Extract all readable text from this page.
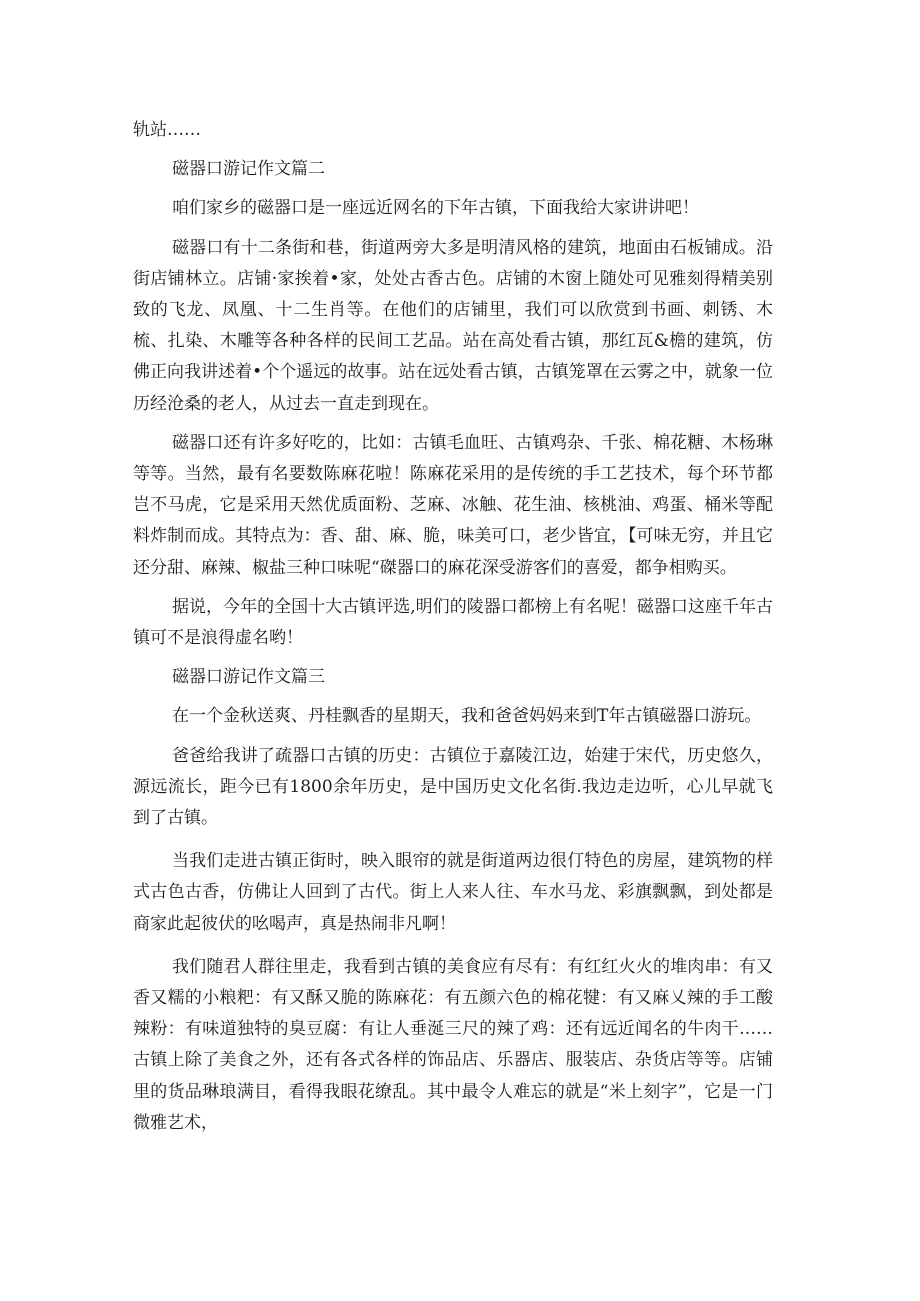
轨站……

磁器口游记作文篇二

咱们家乡的磁器口是一座远近网名的下年古镇，下面我给大家讲讲吧！

磁器口有十二条街和巷，街道两旁大多是明清风格的建筑，地面由石板铺成。沿街店铺林立。店铺·家挨着•家，处处古香古色。店铺的木窗上随处可见雅刻得精美别致的飞龙、凤凰、十二生肖等。在他们的店铺里，我们可以欣赏到书画、刺锈、木梳、扎染、木雕等各种各样的民间工艺品。站在高处看古镇，那红瓦&檐的建筑，仿佛正向我讲述着•个个遥远的故事。站在远处看古镇，古镇笼罩在云雾之中，就象一位历经沧桑的老人，从过去一直走到现在。

磁器口还有许多好吃的，比如：古镇毛血旺、古镇鸡杂、千张、棉花糖、木杨琳等等。当然，最有名要数陈麻花啦！陈麻花采用的是传统的手工艺技术，每个环节都岂不马虎，它是采用天然优质面粉、芝麻、冰触、花生油、核桃油、鸡蛋、桶米等配料炸制而成。其特点为：香、甜、麻、脆，味美可口，老少皆宜，【可味无穷，并且它还分甜、麻辣、椒盐三种口味呢“磔器口的麻花深受游客们的喜爱，都争相购买。

据说，今年的全国十大古镇评选,明们的陵器口都榜上有名呢！磁器口这座千年古镇可不是浪得虚名哟！

磁器口游记作文篇三

在一个金秋送爽、丹桂飘香的星期天，我和爸爸妈妈来到T年古镇磁器口游玩。

爸爸给我讲了疏器口古镇的历史：古镇位于嘉陵江边，始建于宋代，历史悠久，源远流长，距今已有1800余年历史，是中国历史文化名街.我边走边听，心儿早就飞到了古镇。

当我们走进古镇正街时，映入眼帘的就是街道两边很仃特色的房屋，建筑物的样式古色古香，仿佛让人回到了古代。街上人来人往、车水马龙、彩旗飘飘，到处都是商家此起彼伏的吆喝声，真是热闹非凡啊！

我们随君人群往里走，我看到古镇的美食应有尽有：有红红火火的堆肉串：有又香又糯的小粮粑：有又酥又脆的陈麻花：有五颜六色的棉花犍：有又麻乂辣的手工酸辣粉：有味道独特的臭豆腐：有让人垂涎三尺的辣了鸡：还有远近闻名的牛肉干……古镇上除了美食之外，还有各式各样的饰品店、乐器店、服装店、杂货店等等。店铺里的货品琳琅满目，看得我眼花缭乱。其中最令人难忘的就是“米上刻字”，它是一门微雅艺术，
